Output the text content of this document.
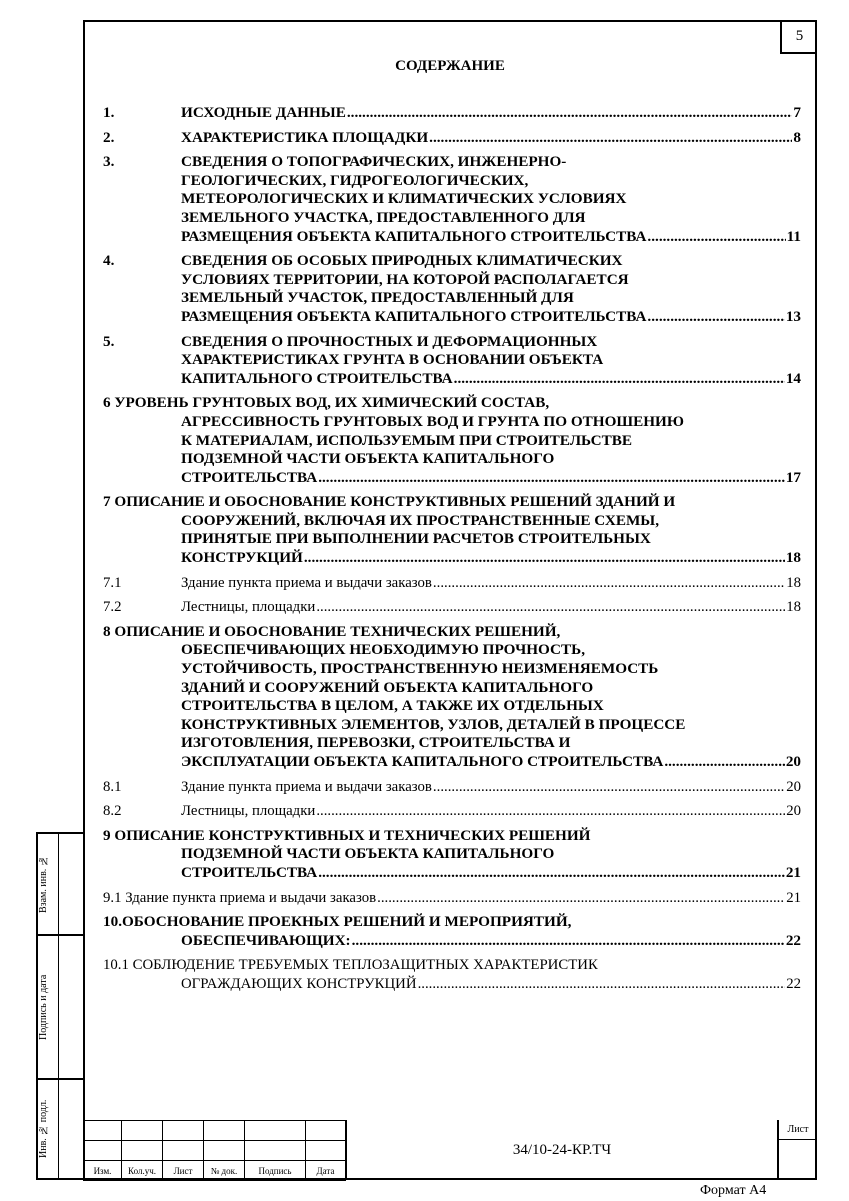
5
СОДЕРЖАНИЕ
1.	ИСХОДНЫЕ ДАННЫЕ .....	7
2.	ХАРАКТЕРИСТИКА ПЛОЩАДКИ .....	8
3.	СВЕДЕНИЯ О ТОПОГРАФИЧЕСКИХ, ИНЖЕНЕРНО-
ГЕОЛОГИЧЕСКИХ, ГИДРОГЕОЛОГИЧЕСКИХ,
МЕТЕОРОЛОГИЧЕСКИХ И КЛИМАТИЧЕСКИХ УСЛОВИЯХ
ЗЕМЕЛЬНОГО УЧАСТКА, ПРЕДОСТАВЛЕННОГО ДЛЯ
РАЗМЕЩЕНИЯ ОБЪЕКТА КАПИТАЛЬНОГО СТРОИТЕЛЬСТВА .....	11
4.	СВЕДЕНИЯ ОБ ОСОБЫХ ПРИРОДНЫХ КЛИМАТИЧЕСКИХ
УСЛОВИЯХ ТЕРРИТОРИИ, НА КОТОРОЙ РАСПОЛАГАЕТСЯ
ЗЕМЕЛЬНЫЙ УЧАСТОК, ПРЕДОСТАВЛЕННЫЙ ДЛЯ
РАЗМЕЩЕНИЯ ОБЪЕКТА КАПИТАЛЬНОГО СТРОИТЕЛЬСТВА .....	13
5.	СВЕДЕНИЯ О ПРОЧНОСТНЫХ И ДЕФОРМАЦИОННЫХ
ХАРАКТЕРИСТИКАХ ГРУНТА В ОСНОВАНИИ ОБЪЕКТА
КАПИТАЛЬНОГО СТРОИТЕЛЬСТВА .....	14
6 УРОВЕНЬ ГРУНТОВЫХ ВОД, ИХ ХИМИЧЕСКИЙ СОСТАВ,
АГРЕССИВНОСТЬ ГРУНТОВЫХ ВОД И ГРУНТА ПО ОТНОШЕНИЮ
К МАТЕРИАЛАМ, ИСПОЛЬЗУЕМЫМ ПРИ СТРОИТЕЛЬСТВЕ
ПОДЗЕМНОЙ ЧАСТИ ОБЪЕКТА КАПИТАЛЬНОГО
СТРОИТЕЛЬСТВА .....	17
7 ОПИСАНИЕ И ОБОСНОВАНИЕ КОНСТРУКТИВНЫХ РЕШЕНИЙ ЗДАНИЙ И
СООРУЖЕНИЙ, ВКЛЮЧАЯ ИХ ПРОСТРАНСТВЕННЫЕ СХЕМЫ,
ПРИНЯТЫЕ ПРИ ВЫПОЛНЕНИИ РАСЧЕТОВ СТРОИТЕЛЬНЫХ
КОНСТРУКЦИЙ .....	18
7.1	Здание пункта приема и выдачи заказов .....	18
7.2	Лестницы, площадки .....	18
8 ОПИСАНИЕ И ОБОСНОВАНИЕ ТЕХНИЧЕСКИХ РЕШЕНИЙ,
ОБЕСПЕЧИВАЮЩИХ НЕОБХОДИМУЮ ПРОЧНОСТЬ,
УСТОЙЧИВОСТЬ, ПРОСТРАНСТВЕННУЮ НЕИЗМЕНЯЕМОСТЬ
ЗДАНИЙ И СООРУЖЕНИЙ ОБЪЕКТА КАПИТАЛЬНОГО
СТРОИТЕЛЬСТВА В ЦЕЛОМ, А ТАКЖЕ ИХ ОТДЕЛЬНЫХ
КОНСТРУКТИВНЫХ ЭЛЕМЕНТОВ, УЗЛОВ, ДЕТАЛЕЙ В ПРОЦЕССЕ
ИЗГОТОВЛЕНИЯ, ПЕРЕВОЗКИ, СТРОИТЕЛЬСТВА И
ЭКСПЛУАТАЦИИ ОБЪЕКТА КАПИТАЛЬНОГО СТРОИТЕЛЬСТВА .....	20
8.1	Здание пункта приема и выдачи заказов .....	20
8.2	Лестницы, площадки .....	20
9 ОПИСАНИЕ КОНСТРУКТИВНЫХ И ТЕХНИЧЕСКИХ РЕШЕНИЙ
ПОДЗЕМНОЙ ЧАСТИ ОБЪЕКТА КАПИТАЛЬНОГО
СТРОИТЕЛЬСТВА .....	21
9.1 Здание пункта приема и выдачи заказов .....	21
10.ОБОСНОВАНИЕ ПРОЕКНЫХ РЕШЕНИЙ И МЕРОПРИЯТИЙ,
ОБЕСПЕЧИВАЮЩИХ: .....	22
10.1 СОБЛЮДЕНИЕ ТРЕБУЕМЫХ ТЕПЛОЗАЩИТНЫХ ХАРАКТЕРИСТИК
ОГРАЖДАЮЩИХ КОНСТРУКЦИЙ .....	22
Взам. инв. №
Подпись и дата
Инв. № подл.

Изм.	Кол.уч.	Лист	№ док.	Подпись	Дата
34/10-24-КР.ТЧ
Лист
Формат А4
